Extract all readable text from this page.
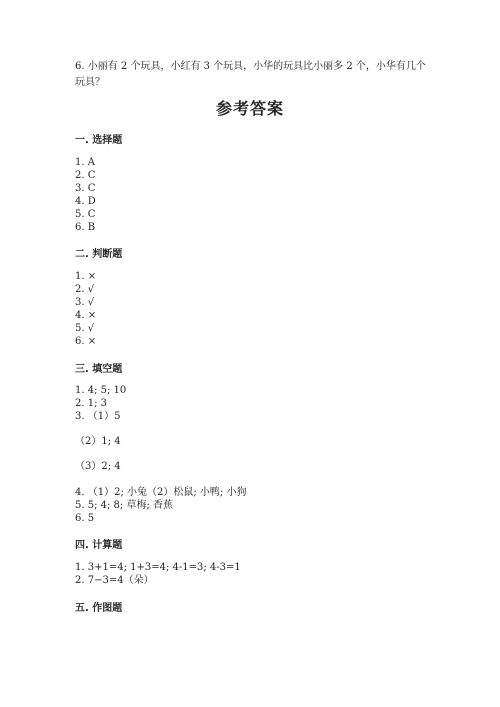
6. 小丽有 2 个玩具，小红有 3 个玩具，小华的玩具比小丽多 2 个，小华有几个
玩具？
参考答案
一. 选择题
1. A
2. C
3. C
4. D
5. C
6. B
二. 判断题
1. ×
2. √
3. √
4. ×
5. √
6. ×
三. 填空题
1. 4; 5; 10
2. 1; 3
3. （1）5
（2）1; 4
（3）2; 4
4. （1）2; 小兔（2）松鼠; 小鸭; 小狗
5. 5; 4; 8; 草梅; 香蕉
6. 5
四. 计算题
1. 3+1=4; 1+3=4; 4-1=3; 4-3=1
2. 7−3=4（朵）
五. 作图题
